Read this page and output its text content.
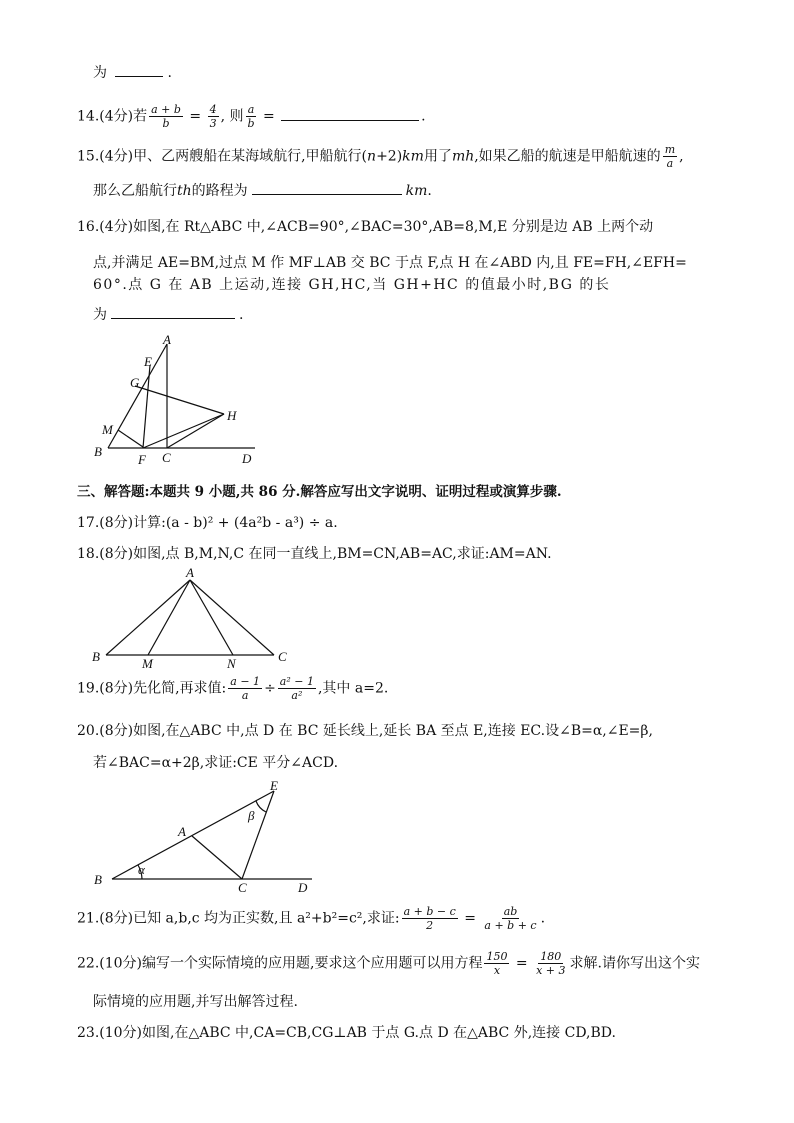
为	.
14.(4分)若 $\frac{a + b}{b} = \frac{4}{3}$ , 则 $\frac{a}{b}$ =	.
15.(4分)甲、乙两艘船在某海域航行,甲船航行(n+2)km用了mh,如果乙船的航速是甲船航速的 $\frac{m}{a}$ ,
那么乙船航行th的路程为	km.
16.(4分)如图,在 Rt△ABC 中,∠ACB=90°,∠BAC=30°,AB=8,M,E 分别是边 AB 上两个动
点,并满足 AE=BM,过点 M 作 MF⊥AB 交 BC 于点 F,点 H 在∠ABD 内,且 FE=FH,∠EFH=
60°.点 G 在 AB 上运动,连接 GH,HC,当 GH+HC 的值最小时,BG 的长
为	.
A
E
G
H
M
B
F C	D
三、解答题:本题共 9 小题,共 86 分.解答应写出文字说明、证明过程或演算步骤.
17.(8分)计算:(a - b)² + (4a²b - a³) ÷ a.
18.(8分)如图,点 B,M,N,C 在同一直线上,BM=CN,AB=AC,求证:AM=AN.
A
B	M	N	C
19.(8分)先化简,再求值: $\frac{a - 1}{a} \div \frac{\text{a² − 1}}{\text{a²}}$ ,其中 a=2.
20.(8分)如图,在△ABC 中,点 D 在 BC 延长线上,延长 BA 至点 E,连接 EC.设∠B=α,∠E=β,
若∠BAC=α+2β,求证:CE 平分∠ACD.
E
β
A
α
B
C	D
21.(8分)已知 a,b,c 均为正实数,且 a²+b²=c²,求证: $\frac{a + b - c}{2} = \frac{ab}{a + b + c}$ .
22.(10分)编写一个实际情境的应用题,要求这个应用题可以用方程 $\frac{150}{x} = \frac{180}{x + 3}$ 求解.请你写出这个实
际情境的应用题,并写出解答过程.
23.(10分)如图,在△ABC 中,CA=CB,CG⊥AB 于点 G.点 D 在△ABC 外,连接 CD,BD.
